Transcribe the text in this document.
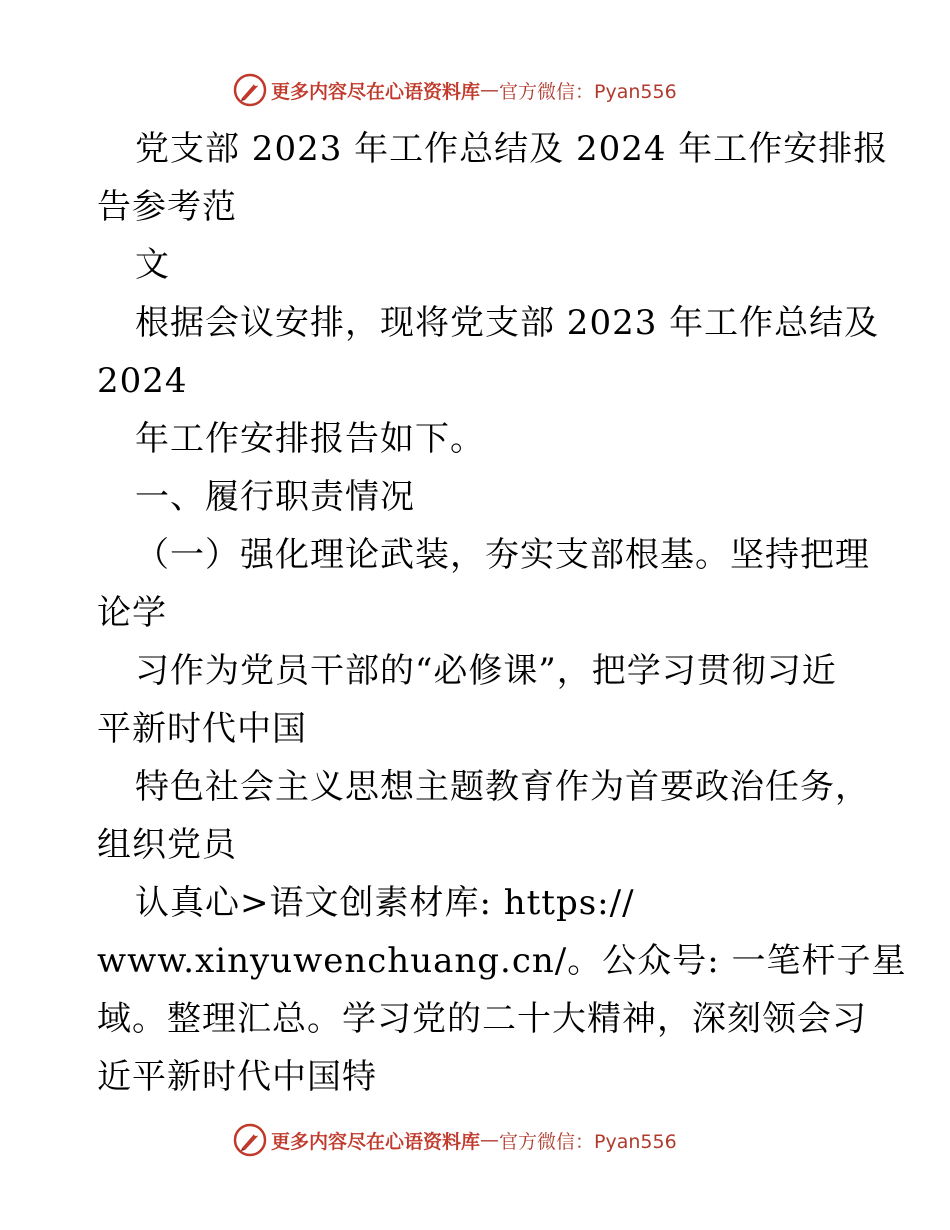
更多内容尽在心语资料库 — 官方微信：Pyan556
党支部 2023 年工作总结及 2024 年工作安排报
告参考范
文
根据会议安排，现将党支部 2023 年工作总结及
2024
年工作安排报告如下。
一、履行职责情况
（一）强化理论武装，夯实支部根基。坚持把理
论学
习作为党员干部的“必修课”，把学习贯彻习近
平新时代中国
特色社会主义思想主题教育作为首要政治任务，
组织党员
认真心>语文创素材库: https://
www.xinyuwenchuang.cn/。公众号: 一笔杆子星
域。整理汇总。学习党的二十大精神，深刻领会习
近平新时代中国特
更多内容尽在心语资料库 — 官方微信：Pyan556
